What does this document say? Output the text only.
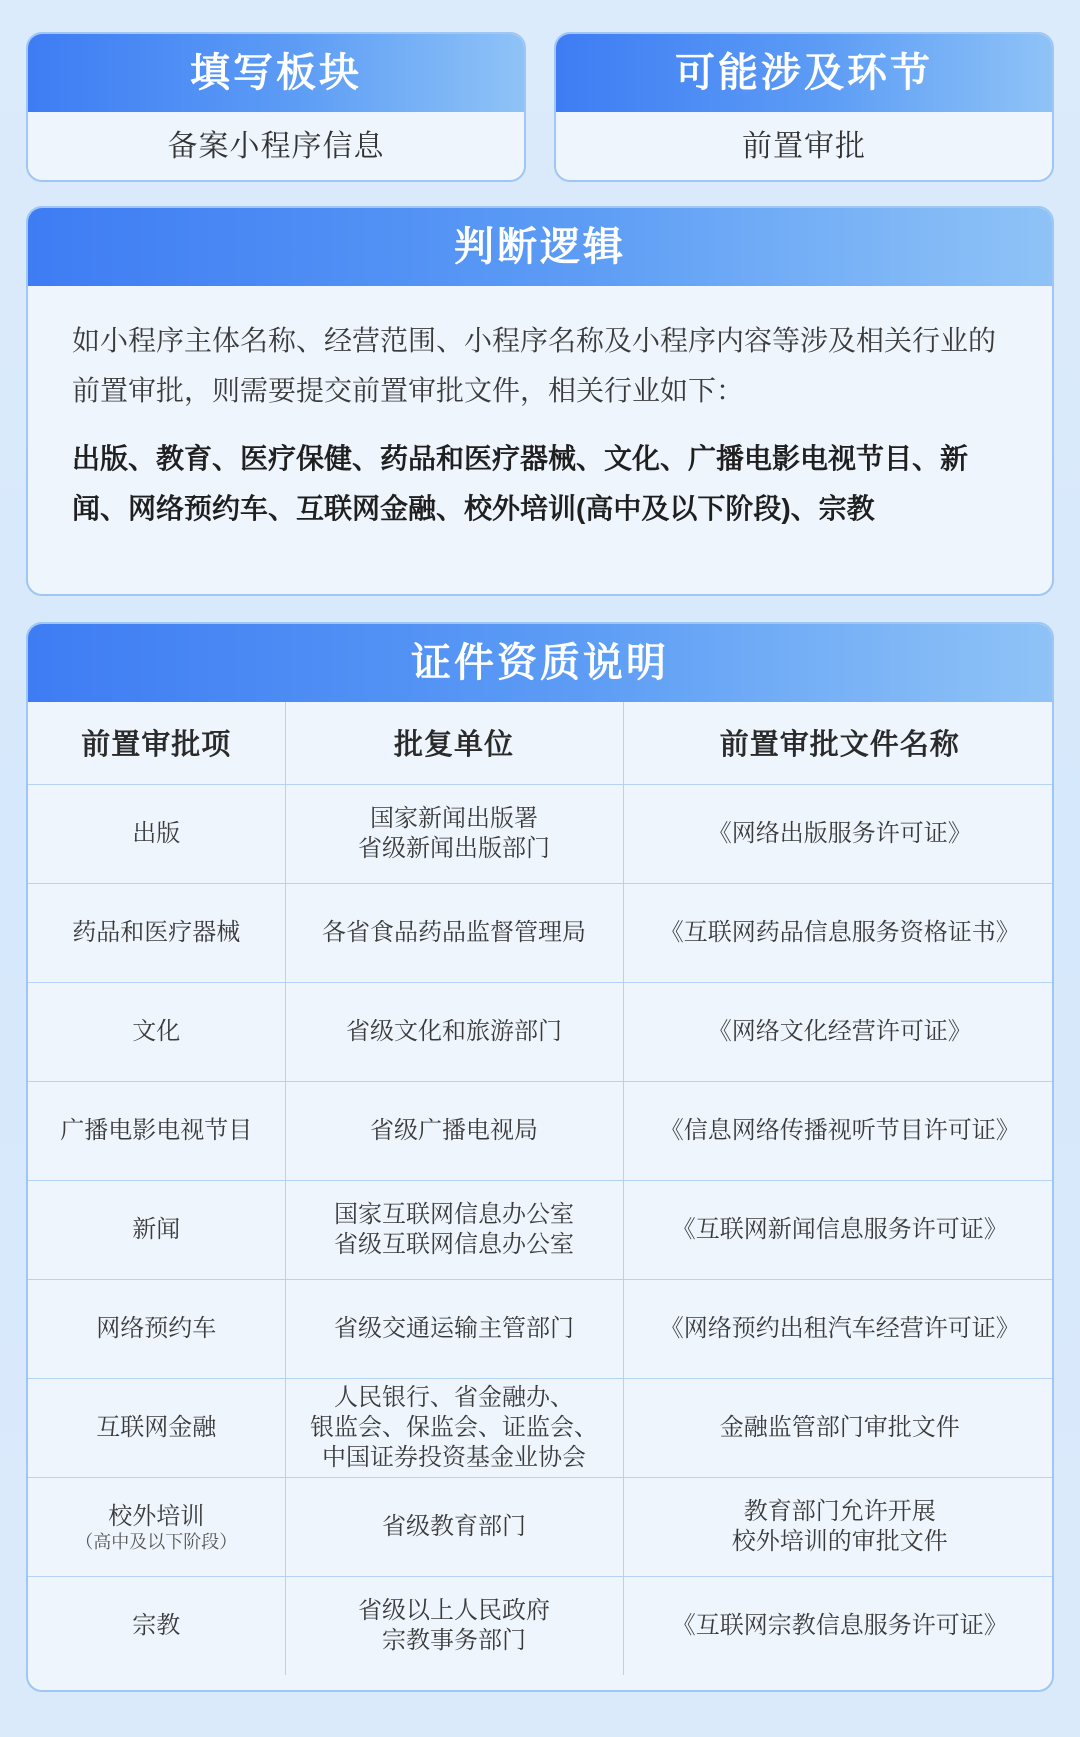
填写板块
备案小程序信息
可能涉及环节
前置审批
判断逻辑

如小程序主体名称、经营范围、小程序名称及小程序内容等涉及相关行业的前置审批，则需要提交前置审批文件，相关行业如下：

出版、教育、医疗保健、药品和医疗器械、文化、广播电影电视节目、新闻、网络预约车、互联网金融、校外培训(高中及以下阶段)、宗教

证件资质说明
前置审批项	批复单位	前置审批文件名称

出版	国家新闻出版署
省级新闻出版部门	《网络出版服务许可证》

药品和医疗器械	各省食品药品监督管理局	《互联网药品信息服务资格证书》

文化	省级文化和旅游部门	《网络文化经营许可证》

广播电影电视节目	省级广播电视局	《信息网络传播视听节目许可证》

新闻	国家互联网信息办公室
省级互联网信息办公室	《互联网新闻信息服务许可证》

网络预约车	省级交通运输主管部门	《网络预约出租汽车经营许可证》

互联网金融	人民银行、省金融办、
银监会、保监会、证监会、
中国证券投资基金业协会	金融监管部门审批文件

校外培训
（高中及以下阶段）	省级教育部门	教育部门允许开展
校外培训的审批文件

宗教	省级以上人民政府
宗教事务部门	《互联网宗教信息服务许可证》
